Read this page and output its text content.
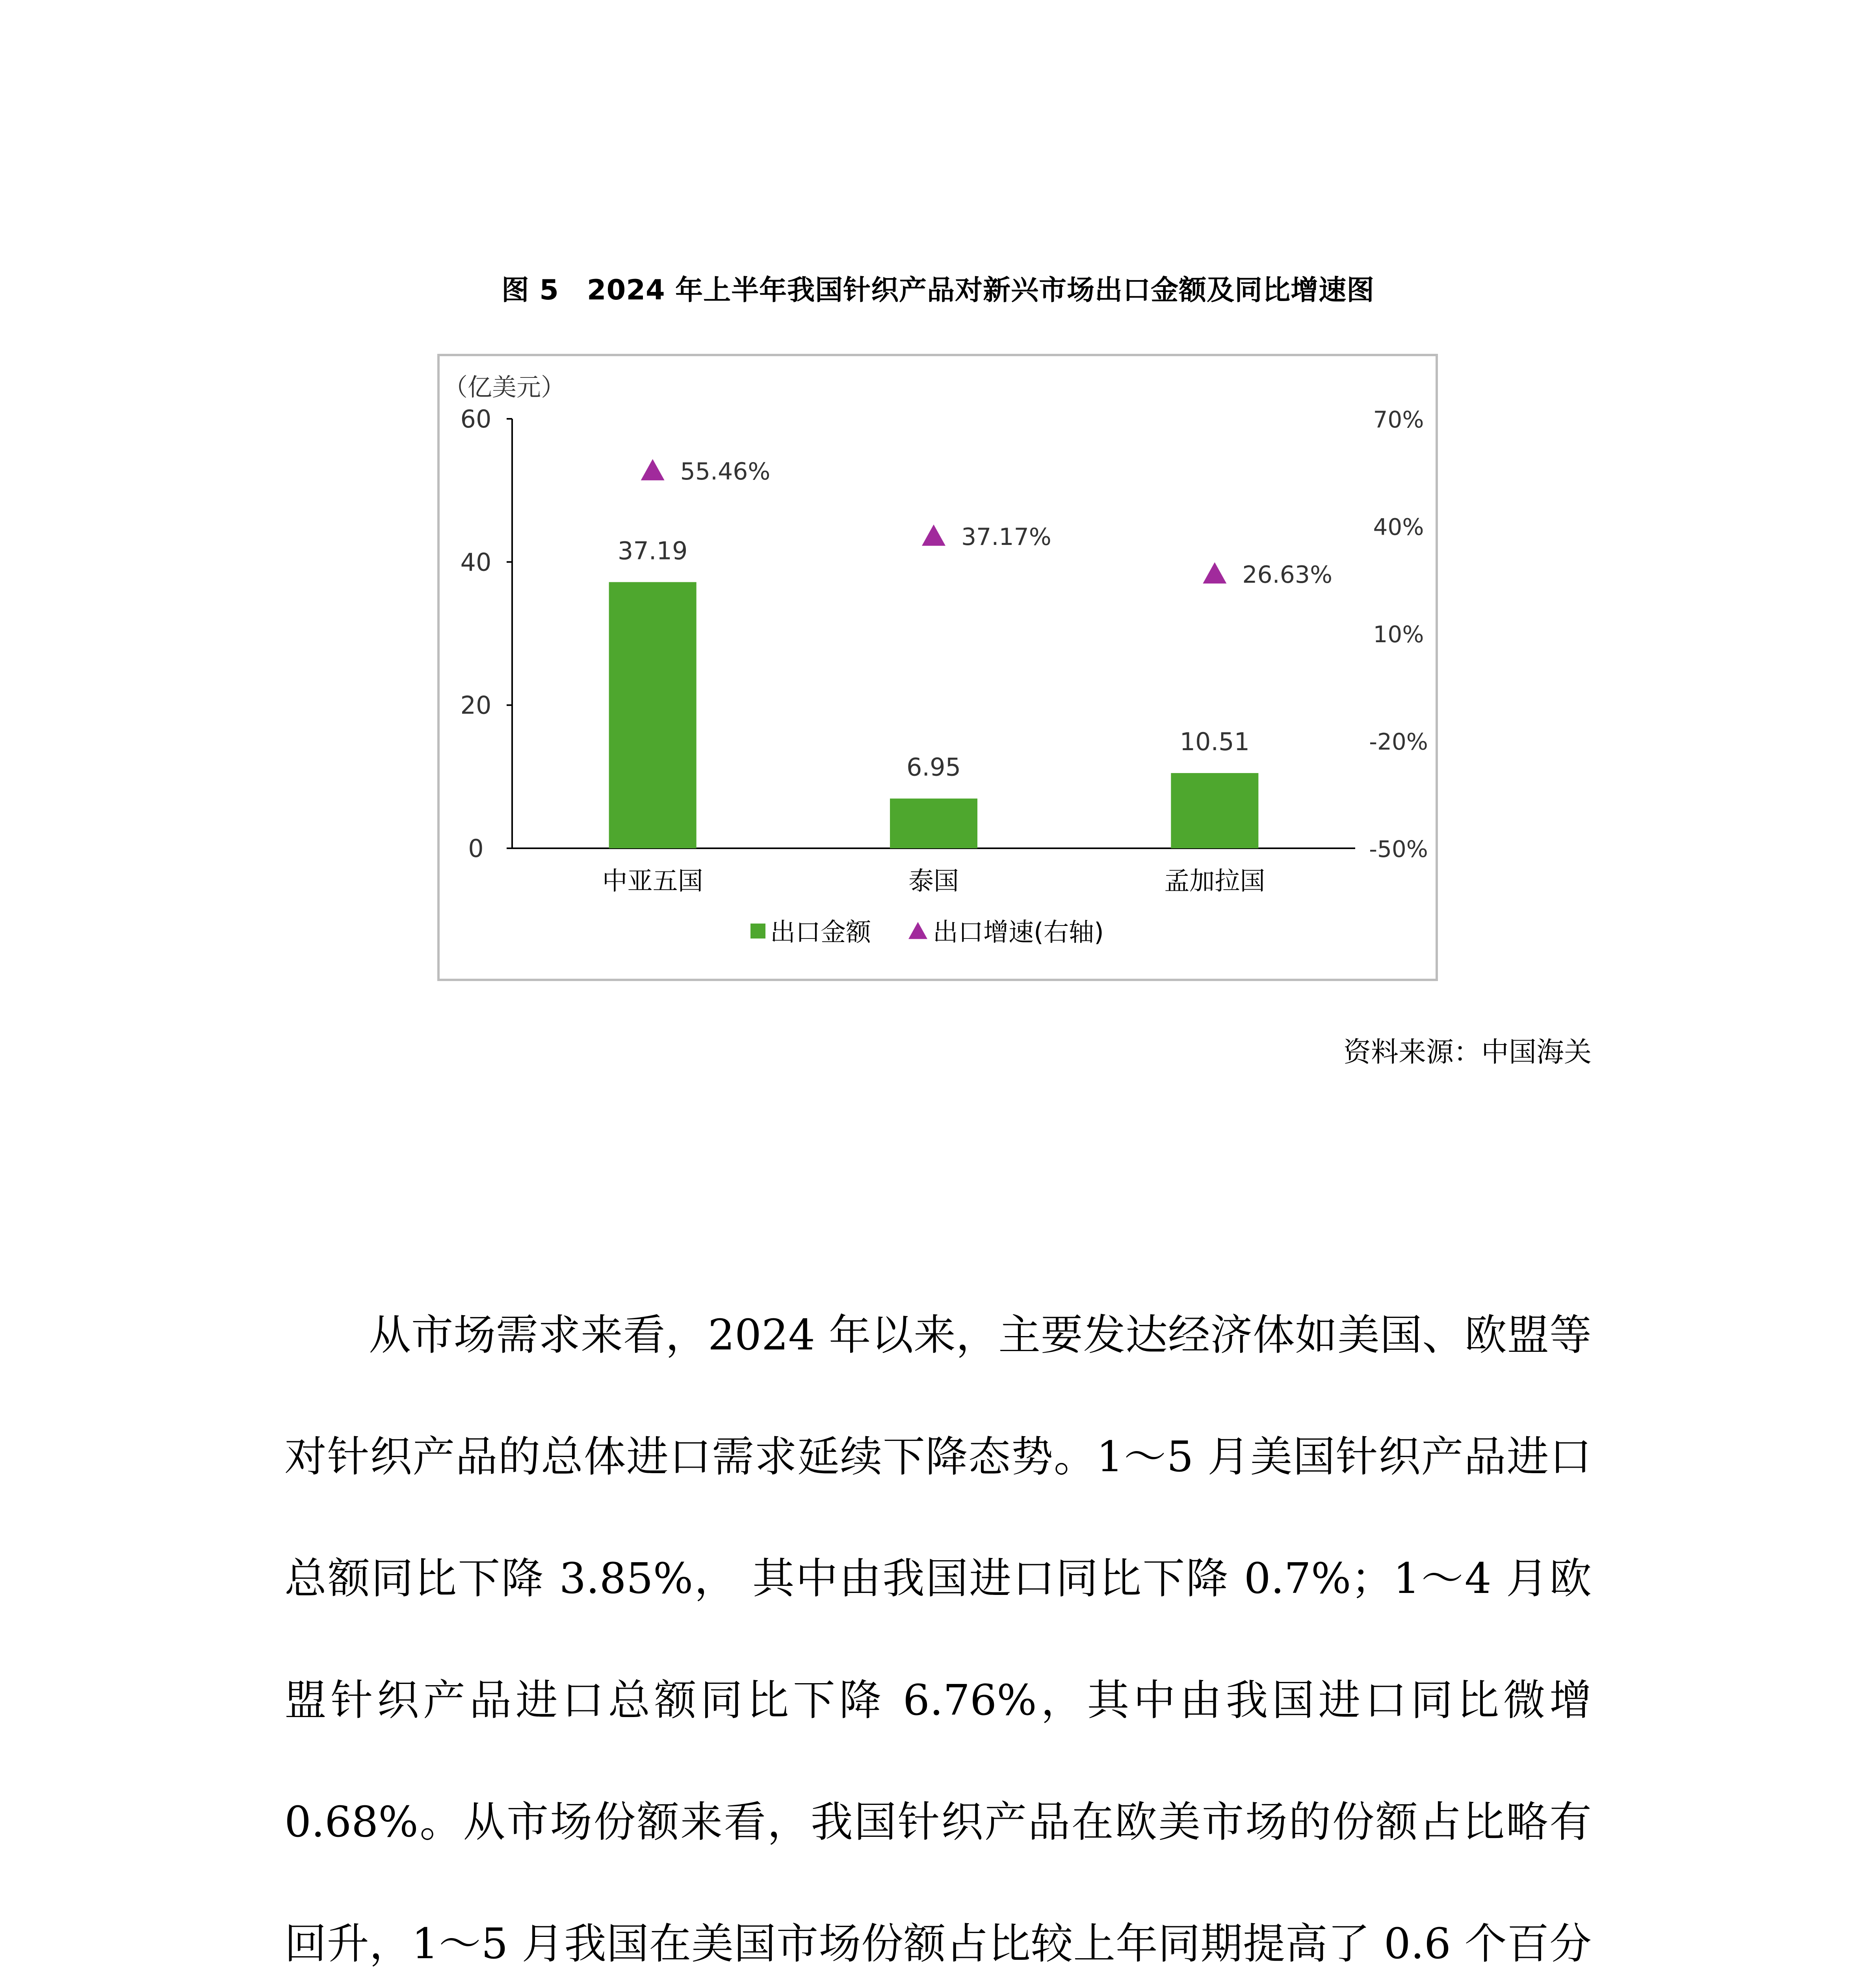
图 5　2024 年上半年我国针织产品对新兴市场出口金额及同比增速图
（亿美元）
0
20
40
60
-50%
-20%
10%
40%
70%
37.19
6.95
10.51
55.46%
37.17%
26.63%
中亚五国	泰国	孟加拉国
出口金额 出口增速(右轴)
资料来源：中国海关

从市场需求来看，2024 年以来，主要发达经济体如美国、欧盟等对针织产品的总体进口需求延续下降态势。1～5 月美国针织产品进口总额同比下降 3.85%， 其中由我国进口同比下降 0.7%；1～4 月欧盟针织产品进口总额同比下降 6.76%，其中由我国进口同比微增 0.68%。从市场份额来看，我国针织产品在欧美市场的份额占比略有回升，1～5 月我国在美国市场份额占比较上年同期提高了 0.6 个百分
